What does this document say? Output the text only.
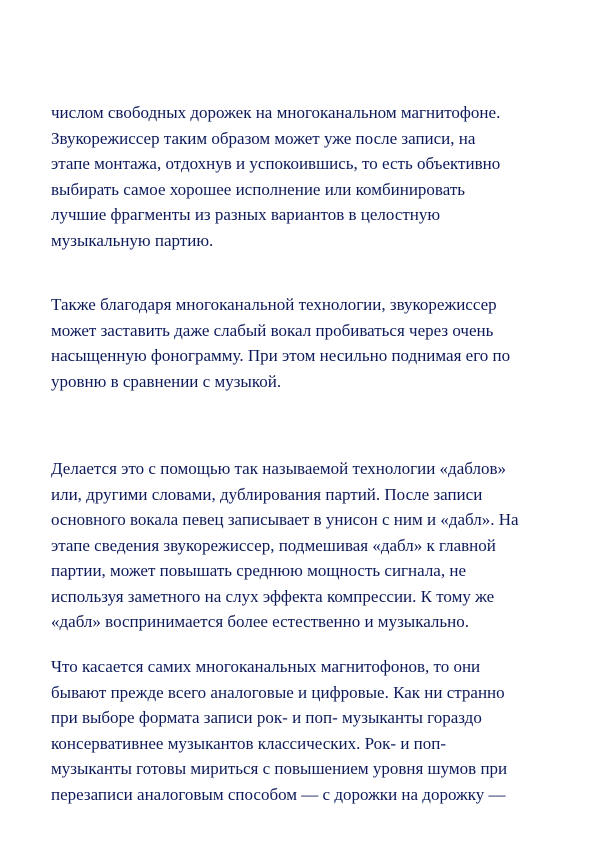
числом свободных дорожек на многоканальном магнитофоне.
Звукорежиссер таким образом может уже после записи, на
этапе монтажа, отдохнув и успокоившись, то есть объективно
выбирать самое хорошее исполнение или комбинировать
лучшие фрагменты из разных вариантов в целостную
музыкальную партию.

Также благодаря многоканальной технологии, звукорежиссер
может заставить даже слабый вокал пробиваться через очень
насыщенную фонограмму. При этом несильно поднимая его по
уровню в сравнении с музыкой.

Делается это с помощью так называемой технологии «даблов»
или, другими словами, дублирования партий. После записи
основного вокала певец записывает в унисон с ним и «дабл». На
этапе сведения звукорежиссер, подмешивая «дабл» к главной
партии, может повышать среднюю мощность сигнала, не
используя заметного на слух эффекта компрессии. К тому же
«дабл» воспринимается более естественно и музыкально.

Что касается самих многоканальных магнитофонов, то они
бывают прежде всего аналоговые и цифровые. Как ни странно
при выборе формата записи рок- и поп- музыканты гораздо
консервативнее музыкантов классических. Рок- и поп-
музыканты готовы мириться с повышением уровня шумов при
перезаписи аналоговым способом — с дорожки на дорожку —
